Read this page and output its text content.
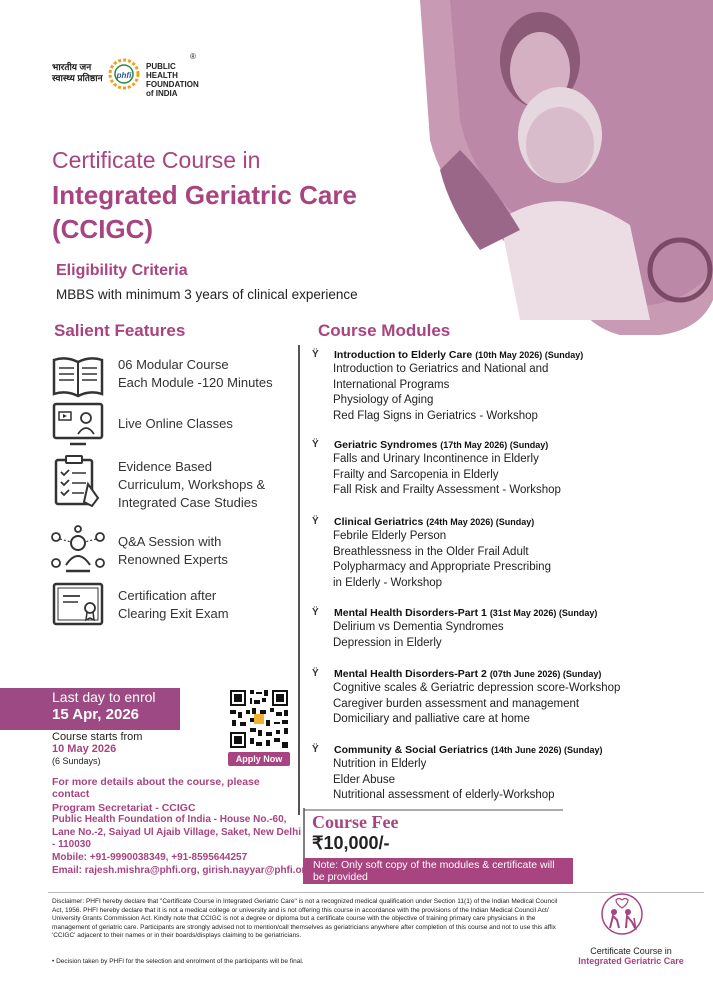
भारतीय जन स्वास्थ्य प्रतिष्ठान	phfi
PUBLIC HEALTH FOUNDATION of INDIA
®
Certificate Course in
Integrated Geriatric Care
(CCIGC)
Eligibility Criteria
MBBS with minimum 3 years of clinical experience
Salient Features
06 Modular Course
Each Module -120 Minutes
Live Online Classes
Evidence Based
Curriculum, Workshops &
Integrated Case Studies
Q&A Session with
Renowned Experts
Certification after
Clearing Exit Exam
Course Modules
Ÿ Introduction to Elderly Care (10th May 2026) (Sunday)
Introduction to Geriatrics and National and
International Programs
Physiology of Aging
Red Flag Signs in Geriatrics - Workshop
Ÿ Geriatric Syndromes (17th May 2026) (Sunday)
Falls and Urinary Incontinence in Elderly
Frailty and Sarcopenia in Elderly
Fall Risk and Frailty Assessment - Workshop
Ÿ Clinical Geriatrics (24th May 2026) (Sunday)
Febrile Elderly Person
Breathlessness in the Older Frail Adult
Polypharmacy and Appropriate Prescribing
in Elderly - Workshop
Ÿ Mental Health Disorders-Part 1 (31st May 2026) (Sunday)
Delirium vs Dementia Syndromes
Depression in Elderly
Ÿ Mental Health Disorders-Part 2 (07th June 2026) (Sunday)
Cognitive scales & Geriatric depression score-Workshop
Caregiver burden assessment and management
Domiciliary and palliative care at home
Ÿ Community & Social Geriatrics (14th June 2026) (Sunday)
Nutrition in Elderly
Elder Abuse
Nutritional assessment of elderly-Workshop
Course Fee
₹10,000/-
Note: Only soft copy of the modules & certificate will be provided
Last day to enrol
15 Apr, 2026
Course starts from
10 May 2026
(6 Sundays)	Apply Now
For more details about the course, please contact
Program Secretariat - CCIGC
Public Health Foundation of India - House No.-60, Lane No.-2, Saiyad Ul Ajaib Village, Saket, New Delhi - 110030
Mobile: +91-9990038349, +91-8595644257
Email: rajesh.mishra@phfi.org, girish.nayyar@phfi.org
Disclaimer: PHFI hereby declare that "Certificate Course in Integrated Geriatric Care" is not a recognized medical qualification under Section 11(1) of the Indian Medical Council Act, 1956. PHFI hereby declare that it is not a medical college or university and is not offering this course in accordance with the provisions of the Indian Medical Council Act/ University Grants Commission Act. Kindly note that CCIGC is not a degree or diploma but a certificate course with the objective of training primary care physicians in the management of geriatric care. Participants are strongly advised not to mention/call themselves as geriatricians anywhere after completion of this course and not to use this affix 'CCIGC' adjacent to their names or in their boards/displays claiming to be geriatricians.
• Decision taken by PHFI for the selection and enrolment of the participants will be final.
Certificate Course in
Integrated Geriatric Care
